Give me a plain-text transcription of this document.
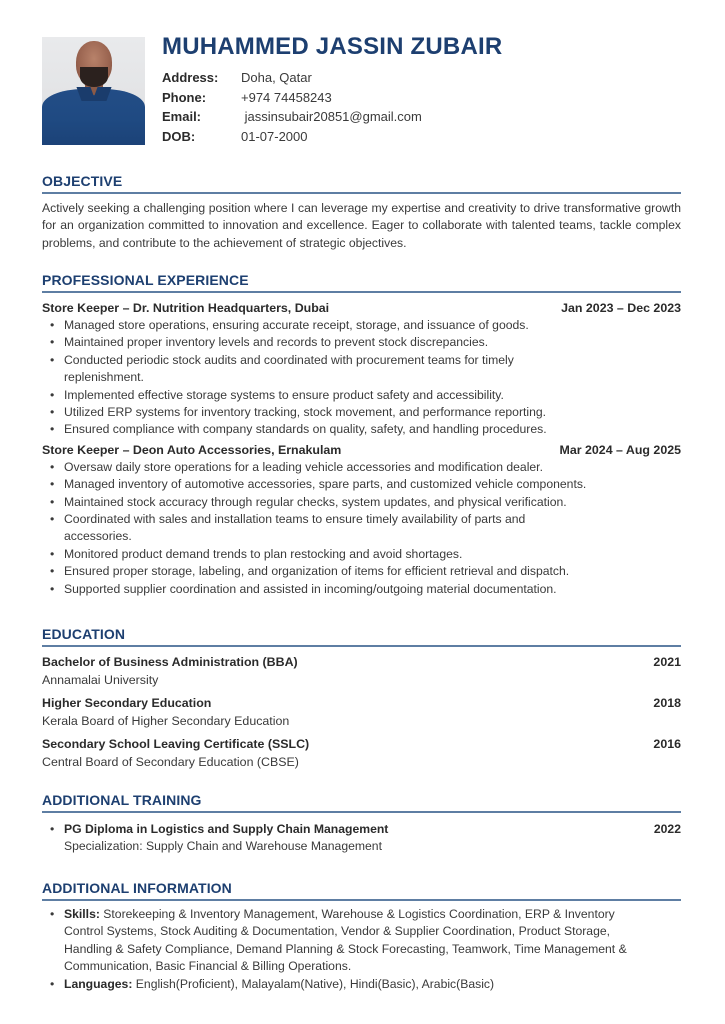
MUHAMMED JASSIN ZUBAIR
Address: Doha, Qatar
Phone:	+974 74458243
Email:	jassinsubair20851@gmail.com
DOB:	01-07-2000
OBJECTIVE
Actively seeking a challenging position where I can leverage my expertise and creativity to drive transformative growth for an organization committed to innovation and excellence. Eager to collaborate with talented teams, tackle complex problems, and contribute to the achievement of strategic objectives.
PROFESSIONAL EXPERIENCE
Store Keeper – Dr. Nutrition Headquarters, Dubai	Jan 2023 – Dec 2023
• Managed store operations, ensuring accurate receipt, storage, and issuance of goods.
• Maintained proper inventory levels and records to prevent stock discrepancies.
• Conducted periodic stock audits and coordinated with procurement teams for timely replenishment.
• Implemented effective storage systems to ensure product safety and accessibility.
• Utilized ERP systems for inventory tracking, stock movement, and performance reporting.
• Ensured compliance with company standards on quality, safety, and handling procedures.
Store Keeper – Deon Auto Accessories, Ernakulam	Mar 2024 – Aug 2025
• Oversaw daily store operations for a leading vehicle accessories and modification dealer.
• Managed inventory of automotive accessories, spare parts, and customized vehicle components.
• Maintained stock accuracy through regular checks, system updates, and physical verification.
• Coordinated with sales and installation teams to ensure timely availability of parts and accessories.
• Monitored product demand trends to plan restocking and avoid shortages.
• Ensured proper storage, labeling, and organization of items for efficient retrieval and dispatch.
• Supported supplier coordination and assisted in incoming/outgoing material documentation.
EDUCATION
Bachelor of Business Administration (BBA)	2021
Annamalai University
Higher Secondary Education	2018
Kerala Board of Higher Secondary Education
Secondary School Leaving Certificate (SSLC)	2016
Central Board of Secondary Education (CBSE)
ADDITIONAL TRAINING
• PG Diploma in Logistics and Supply Chain Management	2022
Specialization: Supply Chain and Warehouse Management
ADDITIONAL INFORMATION
• Skills: Storekeeping & Inventory Management, Warehouse & Logistics Coordination, ERP & Inventory Control Systems, Stock Auditing & Documentation, Vendor & Supplier Coordination, Product Storage, Handling & Safety Compliance, Demand Planning & Stock Forecasting, Teamwork, Time Management & Communication, Basic Financial & Billing Operations.
• Languages: English(Proficient), Malayalam(Native), Hindi(Basic), Arabic(Basic)
